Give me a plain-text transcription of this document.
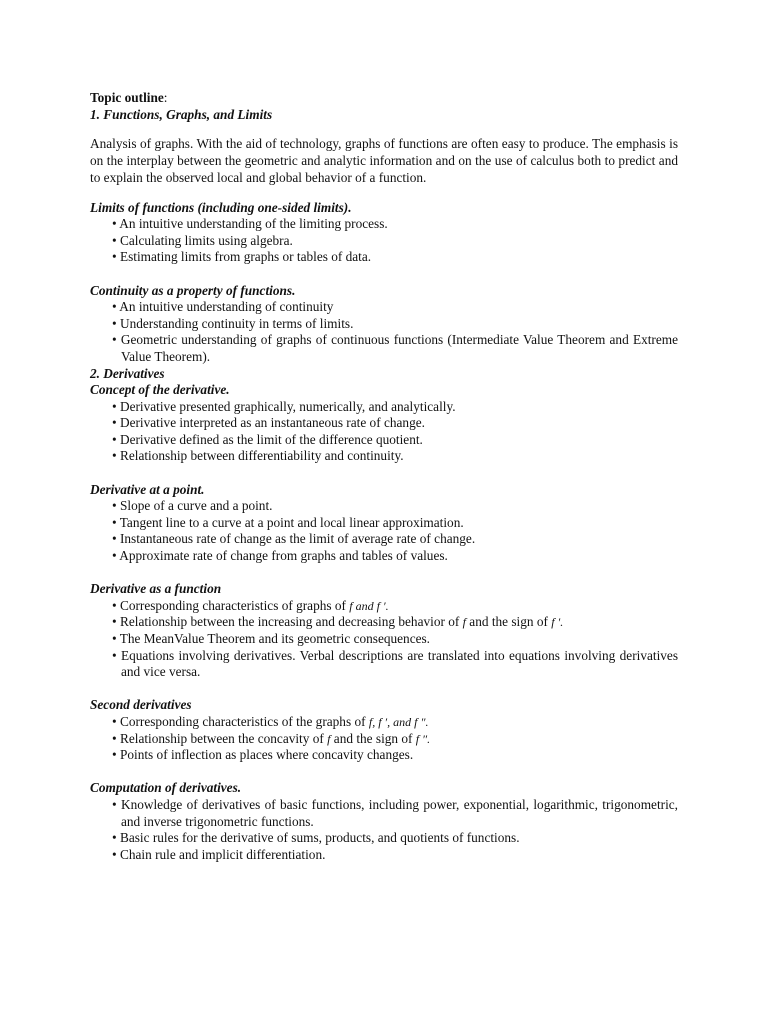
Topic outline:

1. Functions, Graphs, and Limits

Analysis of graphs. With the aid of technology, graphs of functions are often easy to produce. The emphasis is on the interplay between the geometric and analytic information and on the use of calculus both to predict and to explain the observed local and global behavior of a function.

Limits of functions (including one-sided limits).

• An intuitive understanding of the limiting process.
• Calculating limits using algebra.
• Estimating limits from graphs or tables of data.

Continuity as a property of functions.

• An intuitive understanding of continuity
• Understanding continuity in terms of limits.
• Geometric understanding of graphs of continuous functions (Intermediate Value Theorem and Extreme Value Theorem).

2. Derivatives

Concept of the derivative.

• Derivative presented graphically, numerically, and analytically.
• Derivative interpreted as an instantaneous rate of change.
• Derivative defined as the limit of the difference quotient.
• Relationship between differentiability and continuity.

Derivative at a point.

• Slope of a curve and a point.
• Tangent line to a curve at a point and local linear approximation.
• Instantaneous rate of change as the limit of average rate of change.
• Approximate rate of change from graphs and tables of values.

Derivative as a function

• Corresponding characteristics of graphs of f and f ′.
• Relationship between the increasing and decreasing behavior of f and the sign of f ′.
• The MeanValue Theorem and its geometric consequences.
• Equations involving derivatives. Verbal descriptions are translated into equations involving derivatives and vice versa.

Second derivatives

• Corresponding characteristics of the graphs of f, f ′, and f ″.
• Relationship between the concavity of f and the sign of f ″.
• Points of inflection as places where concavity changes.

Computation of derivatives.

• Knowledge of derivatives of basic functions, including power, exponential, logarithmic, trigonometric, and inverse trigonometric functions.
• Basic rules for the derivative of sums, products, and quotients of functions.
• Chain rule and implicit differentiation.
